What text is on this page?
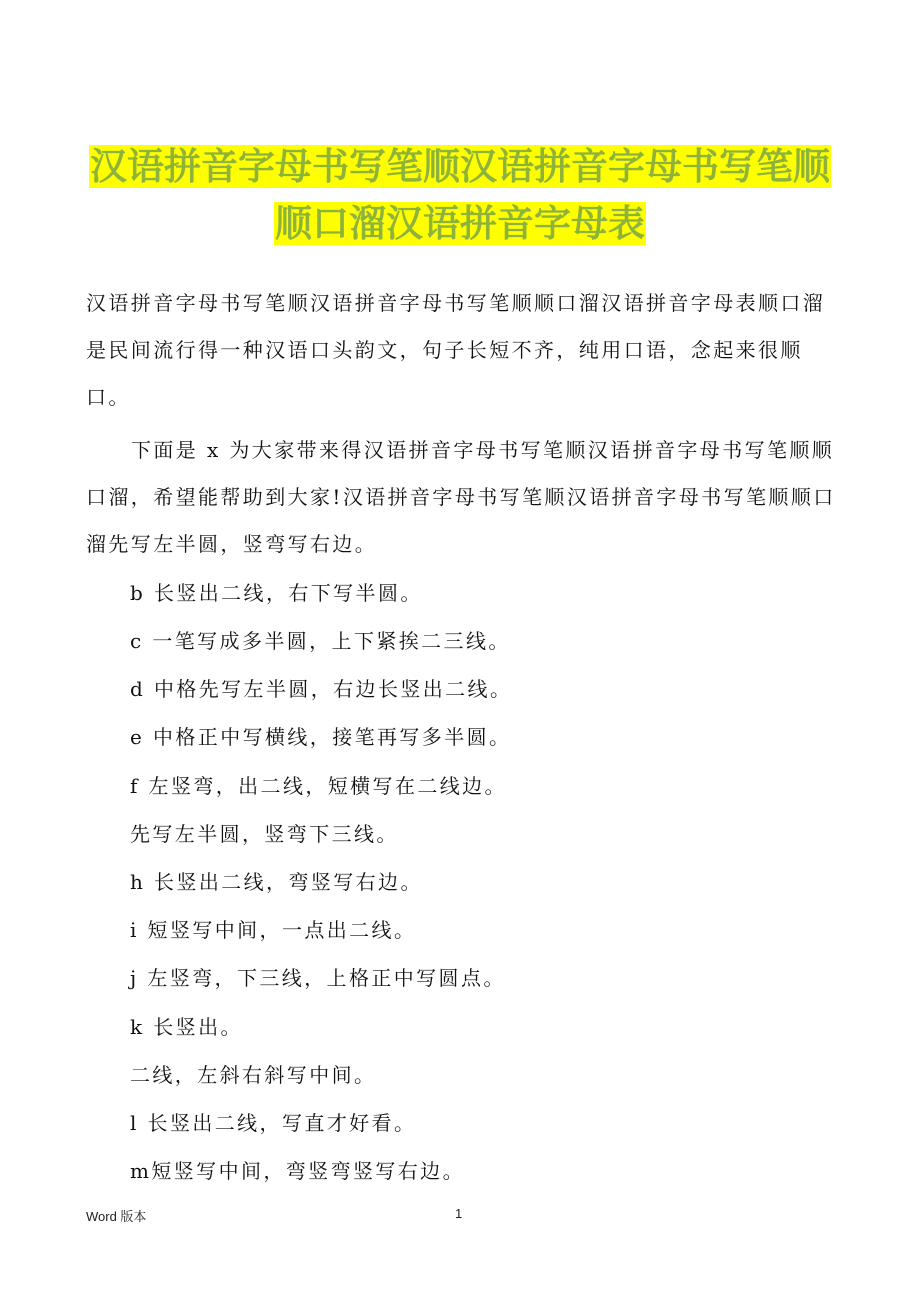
汉语拼音字母书写笔顺汉语拼音字母书写笔顺
顺口溜汉语拼音字母表

汉语拼音字母书写笔顺汉语拼音字母书写笔顺顺口溜汉语拼音字母表顺口溜是民间流行得一种汉语口头韵文，句子长短不齐，纯用口语，念起来很顺口。

下面是 x 为大家带来得汉语拼音字母书写笔顺汉语拼音字母书写笔顺顺口溜，希望能帮助到大家!汉语拼音字母书写笔顺汉语拼音字母书写笔顺顺口溜先写左半圆，竖弯写右边。

b 长竖出二线，右下写半圆。
c 一笔写成多半圆，上下紧挨二三线。
d 中格先写左半圆，右边长竖出二线。
e 中格正中写横线，接笔再写多半圆。
f 左竖弯，出二线，短横写在二线边。
先写左半圆，竖弯下三线。
h 长竖出二线，弯竖写右边。
i 短竖写中间，一点出二线。
j 左竖弯，下三线，上格正中写圆点。
k 长竖出。
二线，左斜右斜写中间。
l 长竖出二线，写直才好看。
m短竖写中间，弯竖弯竖写右边。
Word 版本	1
